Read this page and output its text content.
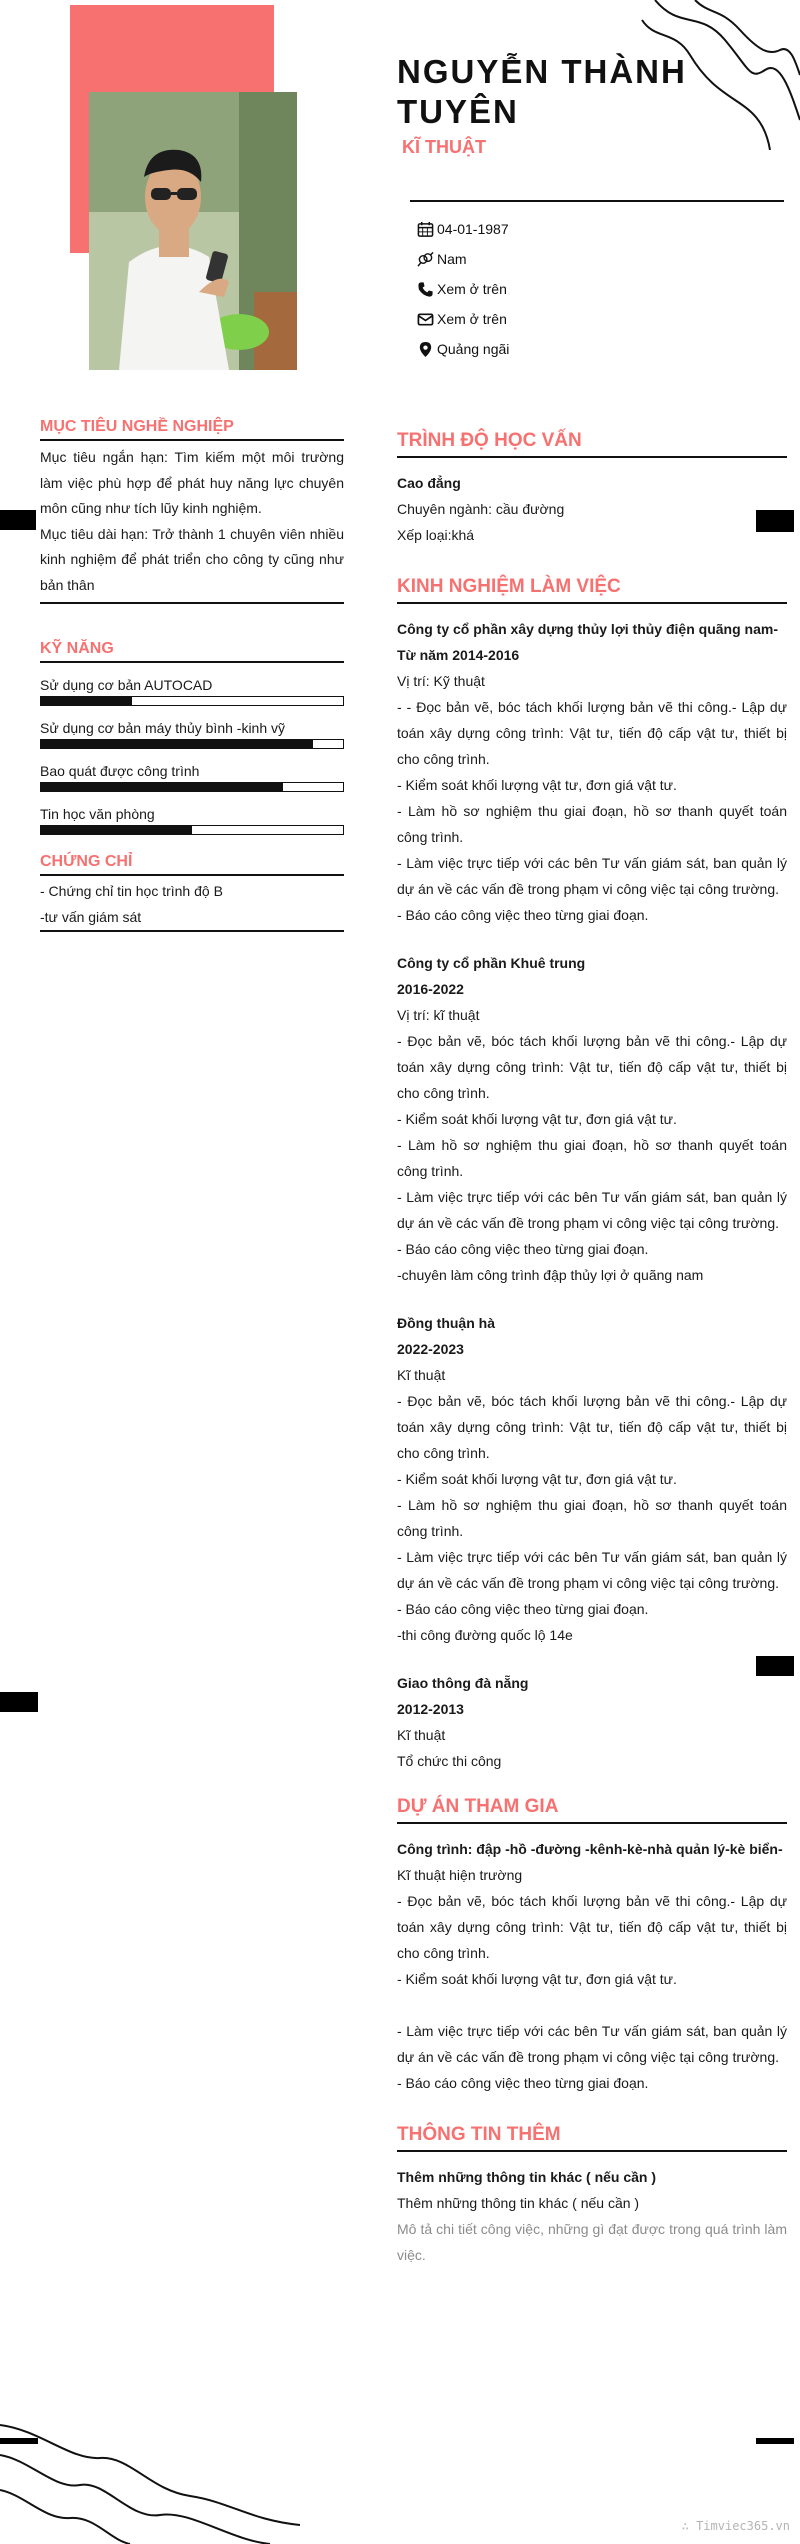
NGUYỄN THÀNH TUYÊN
KĨ THUẬT
04-01-1987
Nam
Xem ở trên
Xem ở trên
Quảng ngãi
MỤC TIÊU NGHỀ NGHIỆP
Mục tiêu ngắn hạn: Tìm kiếm một môi trường làm việc phù hợp để phát huy năng lực chuyên môn cũng như tích lũy kinh nghiệm.
Mục tiêu dài hạn: Trở thành 1 chuyên viên nhiều kinh nghiệm để phát triển cho công ty cũng như bản thân
KỸ NĂNG
Sử dụng cơ bản AUTOCAD
Sử dụng cơ bản máy thủy bình -kinh vỹ
Bao quát được công trình
Tin học văn phòng
CHỨNG CHỈ
- Chứng chỉ tin học trình độ B
-tư vấn giám sát
TRÌNH ĐỘ HỌC VẤN
Cao đẳng
Chuyên ngành: cầu đường
Xếp loại:khá
KINH NGHIỆM LÀM VIỆC
Công ty cổ phần xây dựng thủy lợi thủy điện quãng nam-
Từ năm 2014-2016
Vị trí: Kỹ thuật
- - Đọc bản vẽ, bóc tách khối lượng bản vẽ thi công.- Lập dự toán xây dựng công trình: Vật tư, tiến độ cấp vật tư, thiết bị cho công trình.
- Kiểm soát khối lượng vật tư, đơn giá vật tư.
- Làm hồ sơ nghiệm thu giai đoạn, hồ sơ thanh quyết toán công trình.
- Làm việc trực tiếp với các bên Tư vấn giám sát, ban quản lý dự án về các vấn đề trong phạm vi công việc tại công trường.
- Báo cáo công việc theo từng giai đoạn.
Công ty cổ phần Khuê trung
2016-2022
Vị trí: kĩ thuật
- Đọc bản vẽ, bóc tách khối lượng bản vẽ thi công.- Lập dự toán xây dựng công trình: Vật tư, tiến độ cấp vật tư, thiết bị cho công trình.
- Kiểm soát khối lượng vật tư, đơn giá vật tư.
- Làm hồ sơ nghiệm thu giai đoạn, hồ sơ thanh quyết toán công trình.
- Làm việc trực tiếp với các bên Tư vấn giám sát, ban quản lý dự án về các vấn đề trong phạm vi công việc tại công trường.
- Báo cáo công việc theo từng giai đoạn.
-chuyên làm công trình đập thủy lợi ở quãng nam
Đồng thuận hà
2022-2023
Kĩ thuật
- Đọc bản vẽ, bóc tách khối lượng bản vẽ thi công.- Lập dự toán xây dựng công trình: Vật tư, tiến độ cấp vật tư, thiết bị cho công trình.
- Kiểm soát khối lượng vật tư, đơn giá vật tư.
- Làm hồ sơ nghiệm thu giai đoạn, hồ sơ thanh quyết toán công trình.
- Làm việc trực tiếp với các bên Tư vấn giám sát, ban quản lý dự án về các vấn đề trong phạm vi công việc tại công trường.
- Báo cáo công việc theo từng giai đoạn.
-thi công đường quốc lộ 14e
Giao thông đà nẵng
2012-2013
Kĩ thuật
Tổ chức thi công
DỰ ÁN THAM GIA
Công trình: đập -hồ -đường -kênh-kè-nhà quản lý-kè biển-
Kĩ thuật hiện trường
- Đọc bản vẽ, bóc tách khối lượng bản vẽ thi công.- Lập dự toán xây dựng công trình: Vật tư, tiến độ cấp vật tư, thiết bị cho công trình.
- Kiểm soát khối lượng vật tư, đơn giá vật tư.
- Làm việc trực tiếp với các bên Tư vấn giám sát, ban quản lý dự án về các vấn đề trong phạm vi công việc tại công trường.
- Báo cáo công việc theo từng giai đoạn.
THÔNG TIN THÊM
Thêm những thông tin khác ( nếu cần )
Thêm những thông tin khác ( nếu cần )
Mô tả chi tiết công việc, những gì đạt được trong quá trình làm việc.
∴ Timviec365.vn
